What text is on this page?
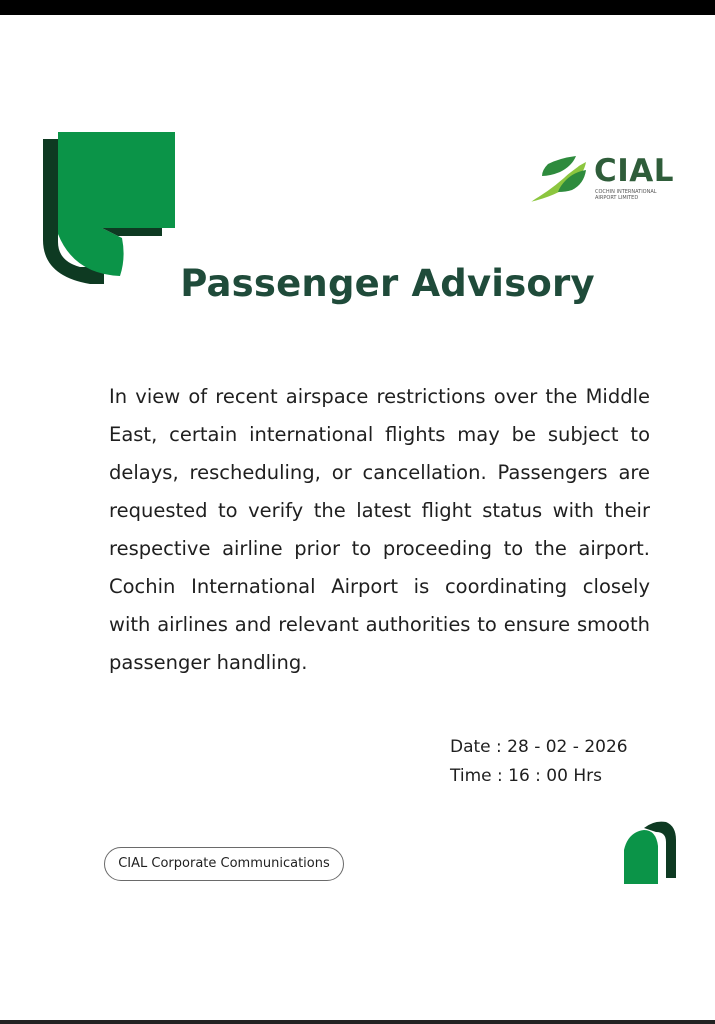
CIAL
COCHIN INTERNATIONAL AIRPORT LIMITED
Passenger Advisory

In view of recent airspace restrictions over the Middle East, certain international flights may be subject to delays, rescheduling, or cancellation. Passengers are requested to verify the latest flight status with their respective airline prior to proceeding to the airport. Cochin International Airport is coordinating closely with airlines and relevant authorities to ensure smooth passenger handling.

Date : 28 - 02 - 2026
Time : 16 : 00 Hrs
CIAL Corporate Communications
